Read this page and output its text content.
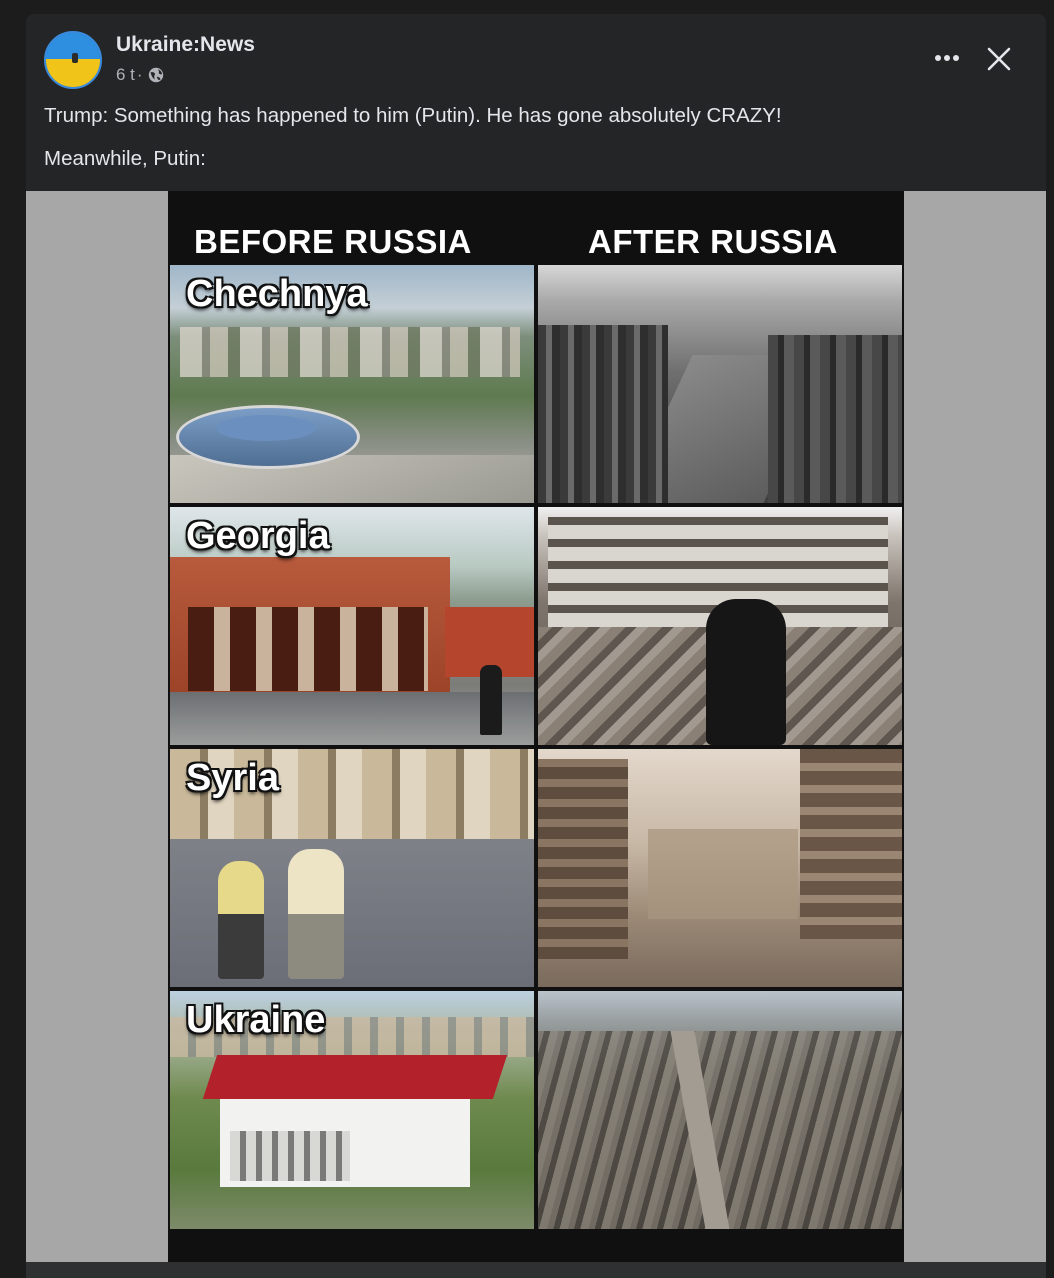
Ukraine:News
6 t ·
Trump: Something has happened to him (Putin). He has gone absolutely CRAZY!
Meanwhile, Putin:
BEFORE RUSSIA	AFTER RUSSIA
Chechnya
Georgia
Syria
Ukraine
